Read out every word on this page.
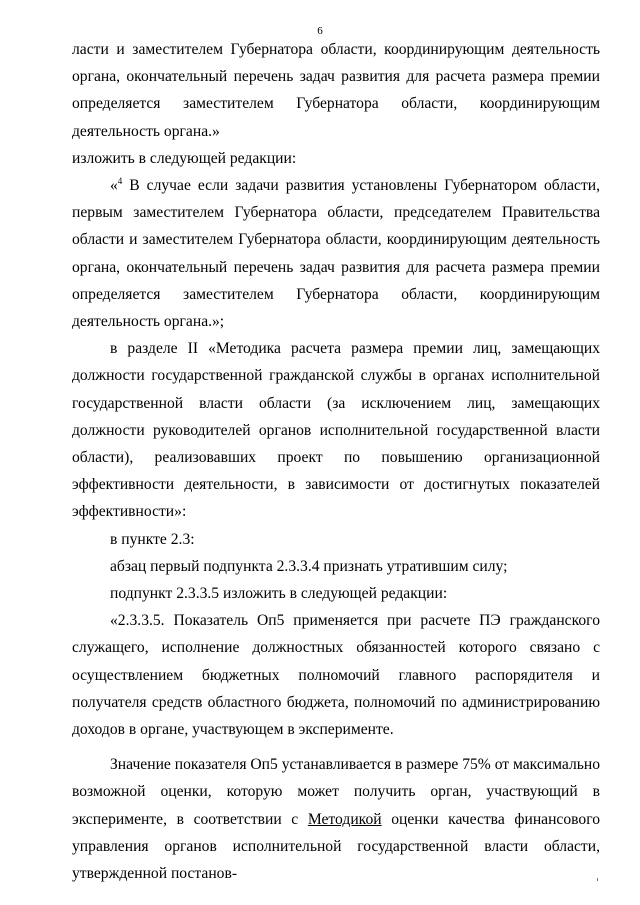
6

ласти и заместителем Губернатора области, координирующим деятельность органа, окончательный перечень задач развития для расчета размера премии определяется заместителем Губернатора области, координирующим деятельность органа.»

изложить в следующей редакции:

«$^4$ В случае если задачи развития установлены Губернатором области, первым заместителем Губернатора области, председателем Правительства области и заместителем Губернатора области, координирующим деятельность органа, окончательный перечень задач развития для расчета размера премии определяется заместителем Губернатора области, координирующим деятельность органа.»;

в разделе II «Методика расчета размера премии лиц, замещающих должности государственной гражданской службы в органах исполнительной государственной власти области (за исключением лиц, замещающих должности руководителей органов исполнительной государственной власти области), реализовавших проект по повышению организационной эффективности деятельности, в зависимости от достигнутых показателей эффективности»:

в пункте 2.3:

абзац первый подпункта 2.3.3.4 признать утратившим силу;

подпункт 2.3.3.5 изложить в следующей редакции:

«2.3.3.5. Показатель Оп5 применяется при расчете ПЭ гражданского служащего, исполнение должностных обязанностей которого связано с осуществлением бюджетных полномочий главного распорядителя и получателя средств областного бюджета, полномочий по администрированию доходов в органе, участвующем в эксперименте.

Значение показателя Оп5 устанавливается в размере 75% от максимально возможной оценки, которую может получить орган, участвующий в эксперименте, в соответствии с Методикой оценки качества финансового управления органов исполнительной государственной власти области, утвержденной постанов-
